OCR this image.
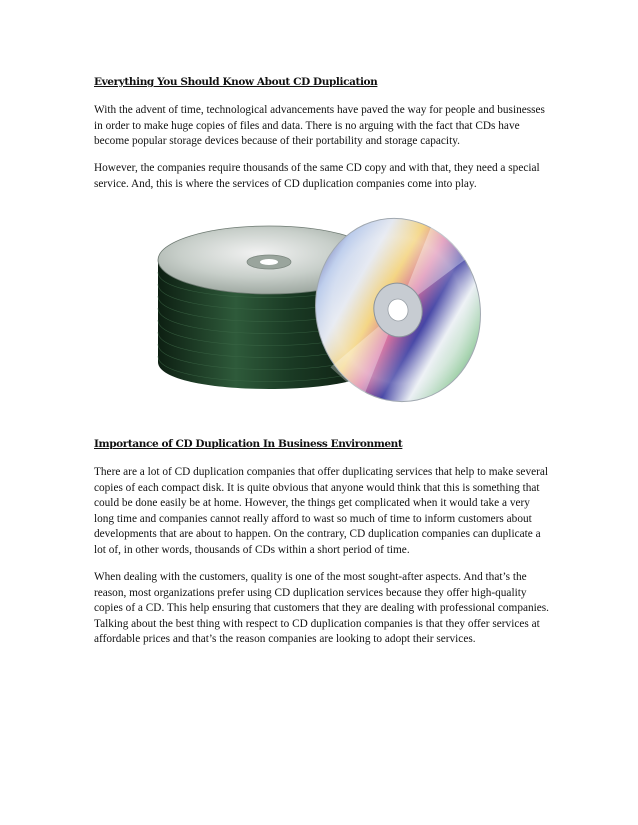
Everything You Should Know About CD Duplication

With the advent of time, technological advancements have paved the way for people and businesses in order to make huge copies of files and data. There is no arguing with the fact that CDs have become popular storage devices because of their portability and storage capacity.

However, the companies require thousands of the same CD copy and with that, they need a special service. And, this is where the services of CD duplication companies come into play.

Importance of CD Duplication In Business Environment

There are a lot of CD duplication companies that offer duplicating services that help to make several copies of each compact disk. It is quite obvious that anyone would think that this is something that could be done easily be at home. However, the things get complicated when it would take a very long time and companies cannot really afford to wast so much of time to inform customers about developments that are about to happen. On the contrary, CD duplication companies can duplicate a lot of, in other words, thousands of CDs within a short period of time.

When dealing with the customers, quality is one of the most sought-after aspects. And that’s the reason, most organizations prefer using CD duplication services because they offer high-quality copies of a CD. This help ensuring that customers that they are dealing with professional companies. Talking about the best thing with respect to CD duplication companies is that they offer services at affordable prices and that’s the reason companies are looking to adopt their services.
